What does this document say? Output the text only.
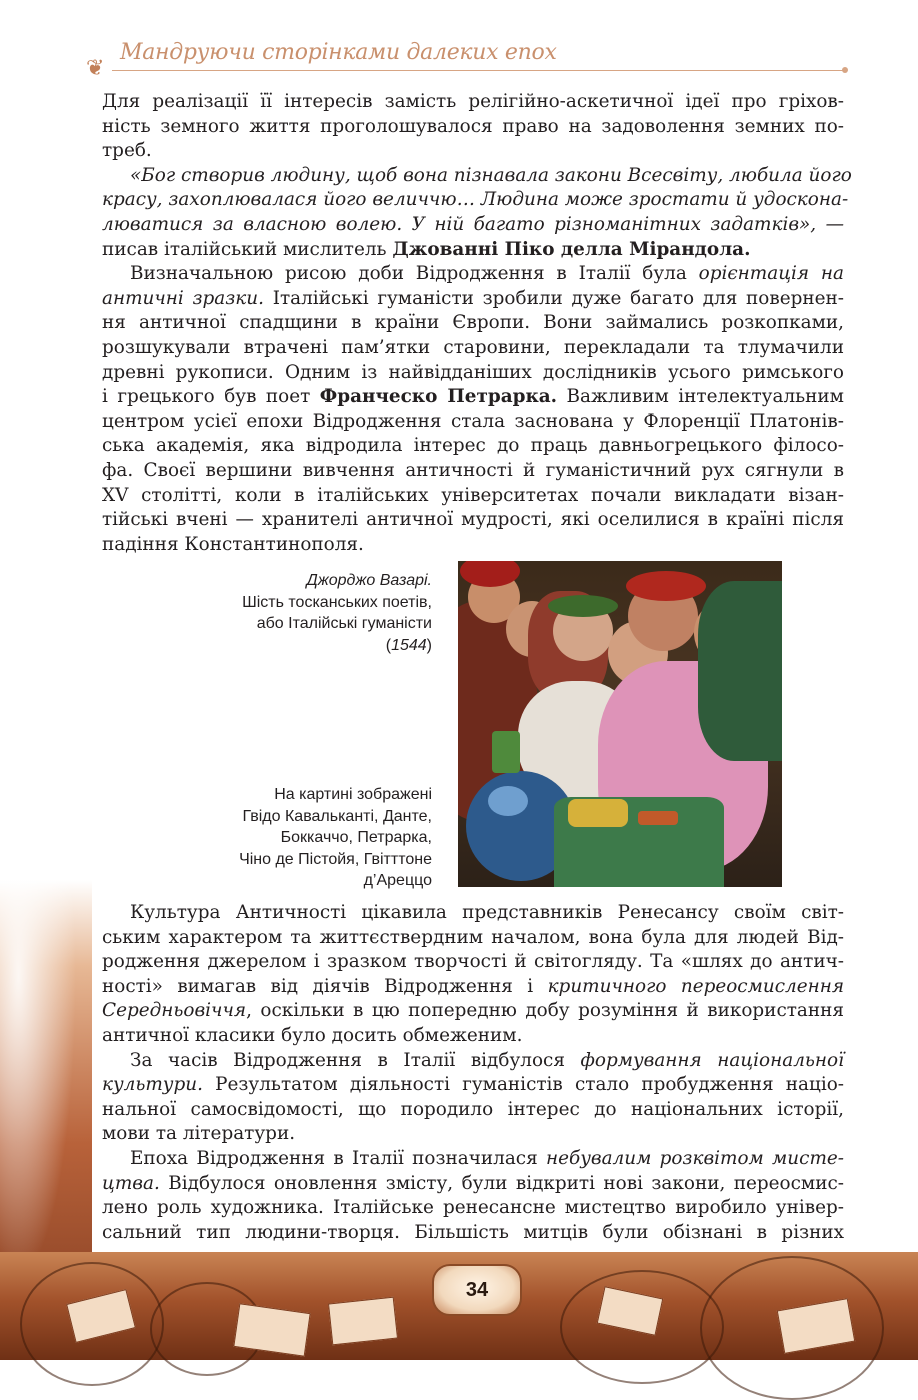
❦
Мандруючи сторінками далеких епох
Для реалізації її інтересів замість релігійно-аскетичної ідеї про гріхов-
ність земного життя проголошувалося право на задоволення земних по-
треб.
«Бог створив людину, щоб вона пізнавала закони Всесвіту, любила його
красу, захоплювалася його величчю… Людина може зростати й удоскона-
люватися за власною волею. У ній багато різноманітних задатків», —
писав італійський мислитель Джованні Піко делла Мірандола.
Визначальною рисою доби Відродження в Італії була орієнтація на
античні зразки. Італійські гуманісти зробили дуже багато для повернен-
ня античної спадщини в країни Європи. Вони займались розкопками,
розшукували втрачені пам’ятки старовини, перекладали та тлумачили
древні рукописи. Одним із найвідданіших дослідників усього римського
і грецького був поет Франческо Петрарка. Важливим інтелектуальним
центром усієї епохи Відродження стала заснована у Флоренції Платонів-
ська академія, яка відродила інтерес до праць давньогрецького філосо-
фа. Своєї вершини вивчення античності й гуманістичний рух сягнули в
XV столітті, коли в італійських університетах почали викладати візан-
тійські вчені — хранителі античної мудрості, які оселилися в країні після
падіння Константинополя.
Джорджо Вазарі.
Шість тосканських поетів,
або Італійські гуманісти
(1544)
На картині зображені
Гвідо Кавальканті, Данте,
Боккаччо, Петрарка,
Чіно де Пістойя, Гвітттоне
д’Ареццо
Культура Античності цікавила представників Ренесансу своїм світ-
ським характером та життєствердним началом, вона була для людей Від-
родження джерелом і зразком творчості й світогляду. Та «шлях до антич-
ності» вимагав від діячів Відродження і критичного переосмислення
Середньовіччя, оскільки в цю попередню добу розуміння й використання
античної класики було досить обмеженим.
За часів Відродження в Італії відбулося формування національної
культури. Результатом діяльності гуманістів стало пробудження націо-
нальної самосвідомості, що породило інтерес до національних історії,
мови та літератури.
Епоха Відродження в Італії позначилася небувалим розквітом мисте-
цтва. Відбулося оновлення змісту, були відкриті нові закони, переосмис-
лено роль художника. Італійське ренесансне мистецтво виробило універ-
сальний тип людини-творця. Більшість митців були обізнані в різних
34
